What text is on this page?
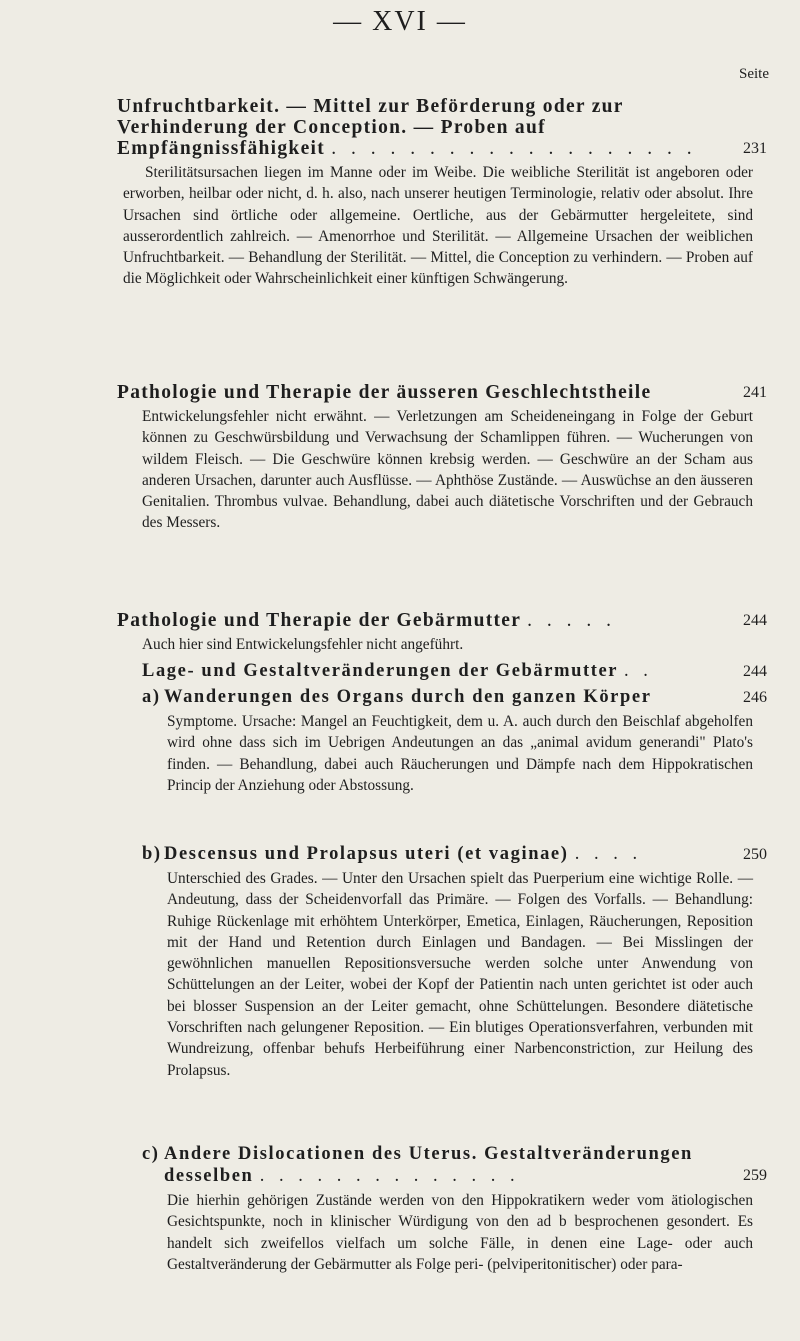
— XVI —
Seite
Unfruchtbarkeit. — Mittel zur Beförderung oder zur Verhinderung der Conception. — Proben auf Empfängnissfähigkeit . . . . . . . . . . . . . . . . . . .	231
Sterilitätsursachen liegen im Manne oder im Weibe. Die weibliche Sterilität ist angeboren oder erworben, heilbar oder nicht, d. h. also, nach unserer heutigen Terminologie, relativ oder absolut. Ihre Ursachen sind örtliche oder allgemeine. Oertliche, aus der Gebärmutter hergeleitete, sind ausserordentlich zahlreich. — Amenorrhoe und Sterilität. — Allgemeine Ursachen der weiblichen Unfruchtbarkeit. — Behandlung der Sterilität. — Mittel, die Conception zu verhindern. — Proben auf die Möglichkeit oder Wahrscheinlichkeit einer künftigen Schwängerung.
Pathologie und Therapie der äusseren Geschlechtstheile	241
Entwickelungsfehler nicht erwähnt. — Verletzungen am Scheideneingang in Folge der Geburt können zu Geschwürsbildung und Verwachsung der Schamlippen führen. — Wucherungen von wildem Fleisch. — Die Geschwüre können krebsig werden. — Geschwüre an der Scham aus anderen Ursachen, darunter auch Ausflüsse. — Aphthöse Zustände. — Auswüchse an den äusseren Genitalien. Thrombus vulvae. Behandlung, dabei auch diätetische Vorschriften und der Gebrauch des Messers.
Pathologie und Therapie der Gebärmutter . . . . .	244
Auch hier sind Entwickelungsfehler nicht angeführt.
Lage- und Gestaltveränderungen der Gebärmutter . .	244
a) Wanderungen des Organs durch den ganzen Körper	246
Symptome. Ursache: Mangel an Feuchtigkeit, dem u. A. auch durch den Beischlaf abgeholfen wird ohne dass sich im Uebrigen Andeutungen an das „animal avidum generandi" Plato's finden. — Behandlung, dabei auch Räucherungen und Dämpfe nach dem Hippokratischen Princip der Anziehung oder Abstossung.
b) Descensus und Prolapsus uteri (et vaginae) . . . .	250
Unterschied des Grades. — Unter den Ursachen spielt das Puerperium eine wichtige Rolle. — Andeutung, dass der Scheidenvorfall das Primäre. — Folgen des Vorfalls. — Behandlung: Ruhige Rückenlage mit erhöhtem Unterkörper, Emetica, Einlagen, Räucherungen, Reposition mit der Hand und Retention durch Einlagen und Bandagen. — Bei Misslingen der gewöhnlichen manuellen Repositionsversuche werden solche unter Anwendung von Schüttelungen an der Leiter, wobei der Kopf der Patientin nach unten gerichtet ist oder auch bei blosser Suspension an der Leiter gemacht, ohne Schüttelungen. Besondere diätetische Vorschriften nach gelungener Reposition. — Ein blutiges Operationsverfahren, verbunden mit Wundreizung, offenbar behufs Herbeiführung einer Narbenconstriction, zur Heilung des Prolapsus.
c) Andere Dislocationen des Uterus. Gestaltveränderungen desselben . . . . . . . . . . . . . .	259
Die hierhin gehörigen Zustände werden von den Hippokratikern weder vom ätiologischen Gesichtspunkte, noch in klinischer Würdigung von den ad b besprochenen gesondert. Es handelt sich zweifellos vielfach um solche Fälle, in denen eine Lage- oder auch Gestaltveränderung der Gebärmutter als Folge peri- (pelviperitonitischer) oder para-
